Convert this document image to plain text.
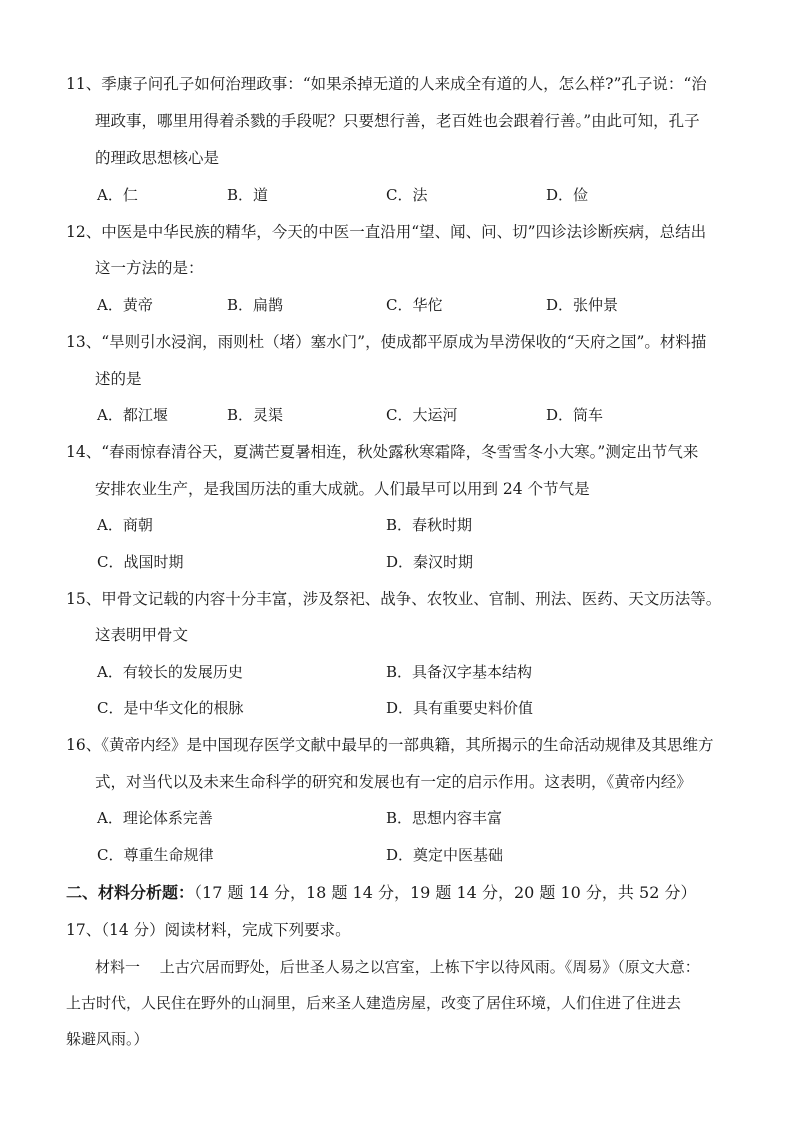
11、季康子问孔子如何治理政事：“如果杀掉无道的人来成全有道的人，怎么样?”孔子说：“治
理政事，哪里用得着杀戮的手段呢？只要想行善，老百姓也会跟着行善。”由此可知，孔子
的理政思想核心是
A．仁	B．道	C．法	D．俭
12、中医是中华民族的精华，今天的中医一直沿用“望、闻、问、切”四诊法诊断疾病，总结出
这一方法的是：
A．黄帝	B．扁鹊	C．华佗	D．张仲景
13、“旱则引水浸润，雨则杜（堵）塞水门”，使成都平原成为旱涝保收的“天府之国”。材料描
述的是
A．都江堰	B．灵渠	C．大运河	D．筒车
14、“春雨惊春清谷天，夏满芒夏暑相连，秋处露秋寒霜降，冬雪雪冬小大寒。”测定出节气来
安排农业生产，是我国历法的重大成就。人们最早可以用到 24 个节气是
A．商朝	B．春秋时期
C．战国时期	D．秦汉时期
15、甲骨文记载的内容十分丰富，涉及祭祀、战争、农牧业、官制、刑法、医药、天文历法等。
这表明甲骨文
A．有较长的发展历史	B．具备汉字基本结构
C．是中华文化的根脉	D．具有重要史料价值
16、《黄帝内经》是中国现存医学文献中最早的一部典籍，其所揭示的生命活动规律及其思维方
式，对当代以及未来生命科学的研究和发展也有一定的启示作用。这表明，《黄帝内经》
A．理论体系完善	B．思想内容丰富
C．尊重生命规律	D．奠定中医基础
二、材料分析题：（17 题 14 分，18 题 14 分，19 题 14 分，20 题 10 分，共 52 分）
17、（14 分）阅读材料，完成下列要求。
材料一　 上古穴居而野处，后世圣人易之以宫室，上栋下宇以待风雨。《周易》（原文大意：
上古时代，人民住在野外的山洞里，后来圣人建造房屋，改变了居住环境，人们住进了住进去
躲避风雨。）
